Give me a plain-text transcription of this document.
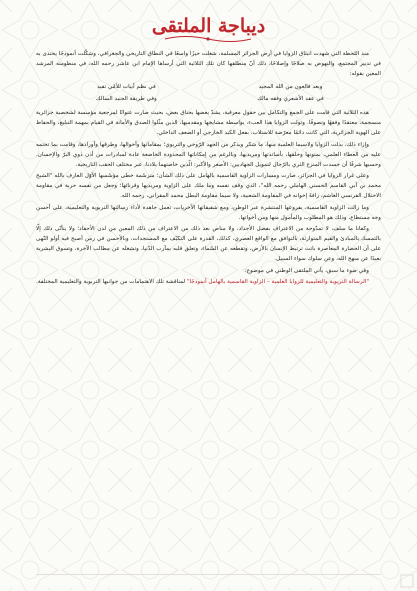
ديباجة الملتقى

منذ اللحظة التي شهدت انبثاق الزوايا في أرض الجزائر المسلمة، شغلت حيزًا واسعًا في النطاق التاريخي والجغرافي، وشكّلت أنموذجًا يحتذى به في تدبير المجتمع، والنهوض به صلاحًا وإصلاحًا، ذلك أنّ منطلقها كان تلك الثلاثية التي أرساها الإمام ابن عاشر رحمه الله، في منظومته المرشد المعين بقوله:

وبعد فالعون من الله المجيد
في نظم أبيات للأمّي تفيد
في عقد الأشعري وفقه مالك
وفي طريقة الجنيد السالك

هذه الثلاثية التي قامت على الجمع والتكامل بين حقول معرفية، يشدّ بعضها بحناق بعض، بحيث صارت عنوانًا لمرجعية مؤسسة لشخصية جزائرية منسجمة، معتقدًا وفقهًا وتصوفًا. وتولت الزوايا هذا العبء، بواسطة مشايخها ومقدميها، الذين مثّلوا الصدق والأمانة في القيام بمهمة التبليغ، والحفاظ على الهوية الجزائرية، التي كانت دائمًا معرّضة للاستلاب، بفعل الكيد الخارجي أو الضعف الداخلي.

وإزاء ذلك، بذلت الزوايا ولاسيما العلمية منها، ما شكر ويذكر من الجهد الرّوحي والتربوي؛ بمقاماتها وأحوالها، وطرقها وأورادها، وقامت بما تحتمه عليه من العطاء العلمي، بمتونها وحلقها، بأساتذتها ومريديها، وبالرغم من إمكاناتها المحدودة الخاضعة عادة لمبادرات من أذن ذوي البرّ والإحسان. وحسبها شرفًا أن جسدت المنزع الثري بالرّجال لتمويل الجهاديين: الأصغر والأكبر: الّذين خاضتهما بلادنا، عبر مختلف الحقب التاريخية.

وعلى غرار الزوايا في الجزائر، صارت ومسارات الزاوية القاسمية بالهامل على ذلك الشأن؛ مترسّمة خطى مؤسّسها الأوّل العارف بالله "الشيخ محمد بن أبي القاسم الحسني الهاملي رحمه الله"، الذي وقف نفسه وما ملك على الزاوية ومريديها وقرنائها؛ وجعل من نفسه حربة في مقاومة الاحتلال الفرنسي الغاشم، زافةً إخوانه في المقاومة الشعبية، ولا سيما مقاومة البطل محمد المقراني، رحمه الله.

وما زالت الزاوية القاسمية، بفروعها المنتشرة عبر الوطن، ومع شقيقاتها الأخريات، تعمل جاهدة لأداء رسالتها التربوية والتعليمية، على أحسن وجه مستطاع، وذلك هو المطلوب والمأمول منها ومن أخواتها.

وكفانا ما سلف، لا تمدّوحة من الاعتراف بفضل الأجداد، ولا مناص بعد ذلك من الاعتراف من ذلك المعين من لدن الأحفاد؛ ولا يتأتّى ذلك إلّا بالتمسك بالمبادئ والقيم المتوارثة، بالتوافق مع الواقع العصري، كذلك، القدرة على التكيّف مع المستجدات، وبالأحسن في زمن أصبح فيه أولو النّهى على أن الحضارة المعاصرة باتت ترتبط الإنسان بالأرض، وتقطعه عن السّماء، وتعلق قلبه بمآرب الدّنيا، وتشغله عن مطالب الآخرة، وتسوق البشرية بعيدًا عن منهج الله، وعن سلوك سواء السبيل.

وفي ضوء ما سبق، يأتي الملتقى الوطني في موضوع:

"الرسالة التربوية والتعليمية للزوايا العلمية – الزاوية القاسمية بالهامل أنموذجًا" لمناقشة تلك الاهتمامات من جوانبها التربوية والتعليمية المختلفة.
